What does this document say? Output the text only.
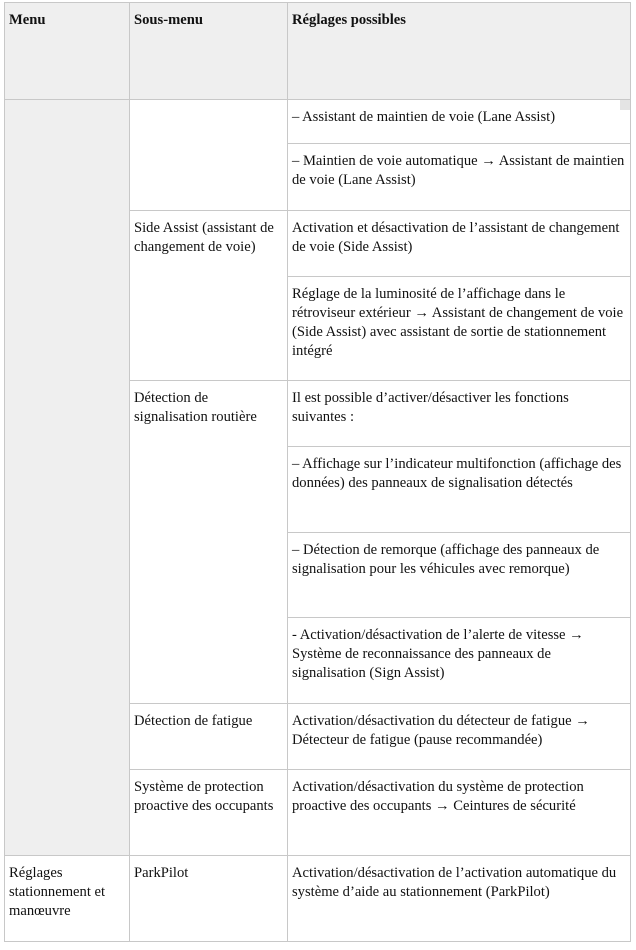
Menu	Sous-menu	Réglages possibles
		– Assistant de maintien de voie (Lane Assist)
		– Maintien de voie automatique → Assistant de maintien de voie (Lane Assist)
	Side Assist (assistant de changement de voie)	Activation et désactivation de l’assistant de changement de voie (Side Assist)
		Réglage de la luminosité de l’affichage dans le rétroviseur extérieur → Assistant de changement de voie (Side Assist) avec assistant de sortie de stationnement intégré
	Détection de signalisation routière	Il est possible d’activer/désactiver les fonctions suivantes :
		– Affichage sur l’indicateur multifonction (affichage des données) des panneaux de signalisation détectés
		– Détection de remorque (affichage des panneaux de signalisation pour les véhicules avec remorque)
		- Activation/désactivation de l’alerte de vitesse → Système de reconnaissance des panneaux de signalisation (Sign Assist)
	Détection de fatigue	Activation/désactivation du détecteur de fatigue → Détecteur de fatigue (pause recommandée)
	Système de protection proactive des occupants	Activation/désactivation du système de protection proactive des occupants → Ceintures de sécurité
Réglages stationnement et manœuvre	ParkPilot	Activation/désactivation de l’activation automatique du système d’aide au stationnement (ParkPilot)
